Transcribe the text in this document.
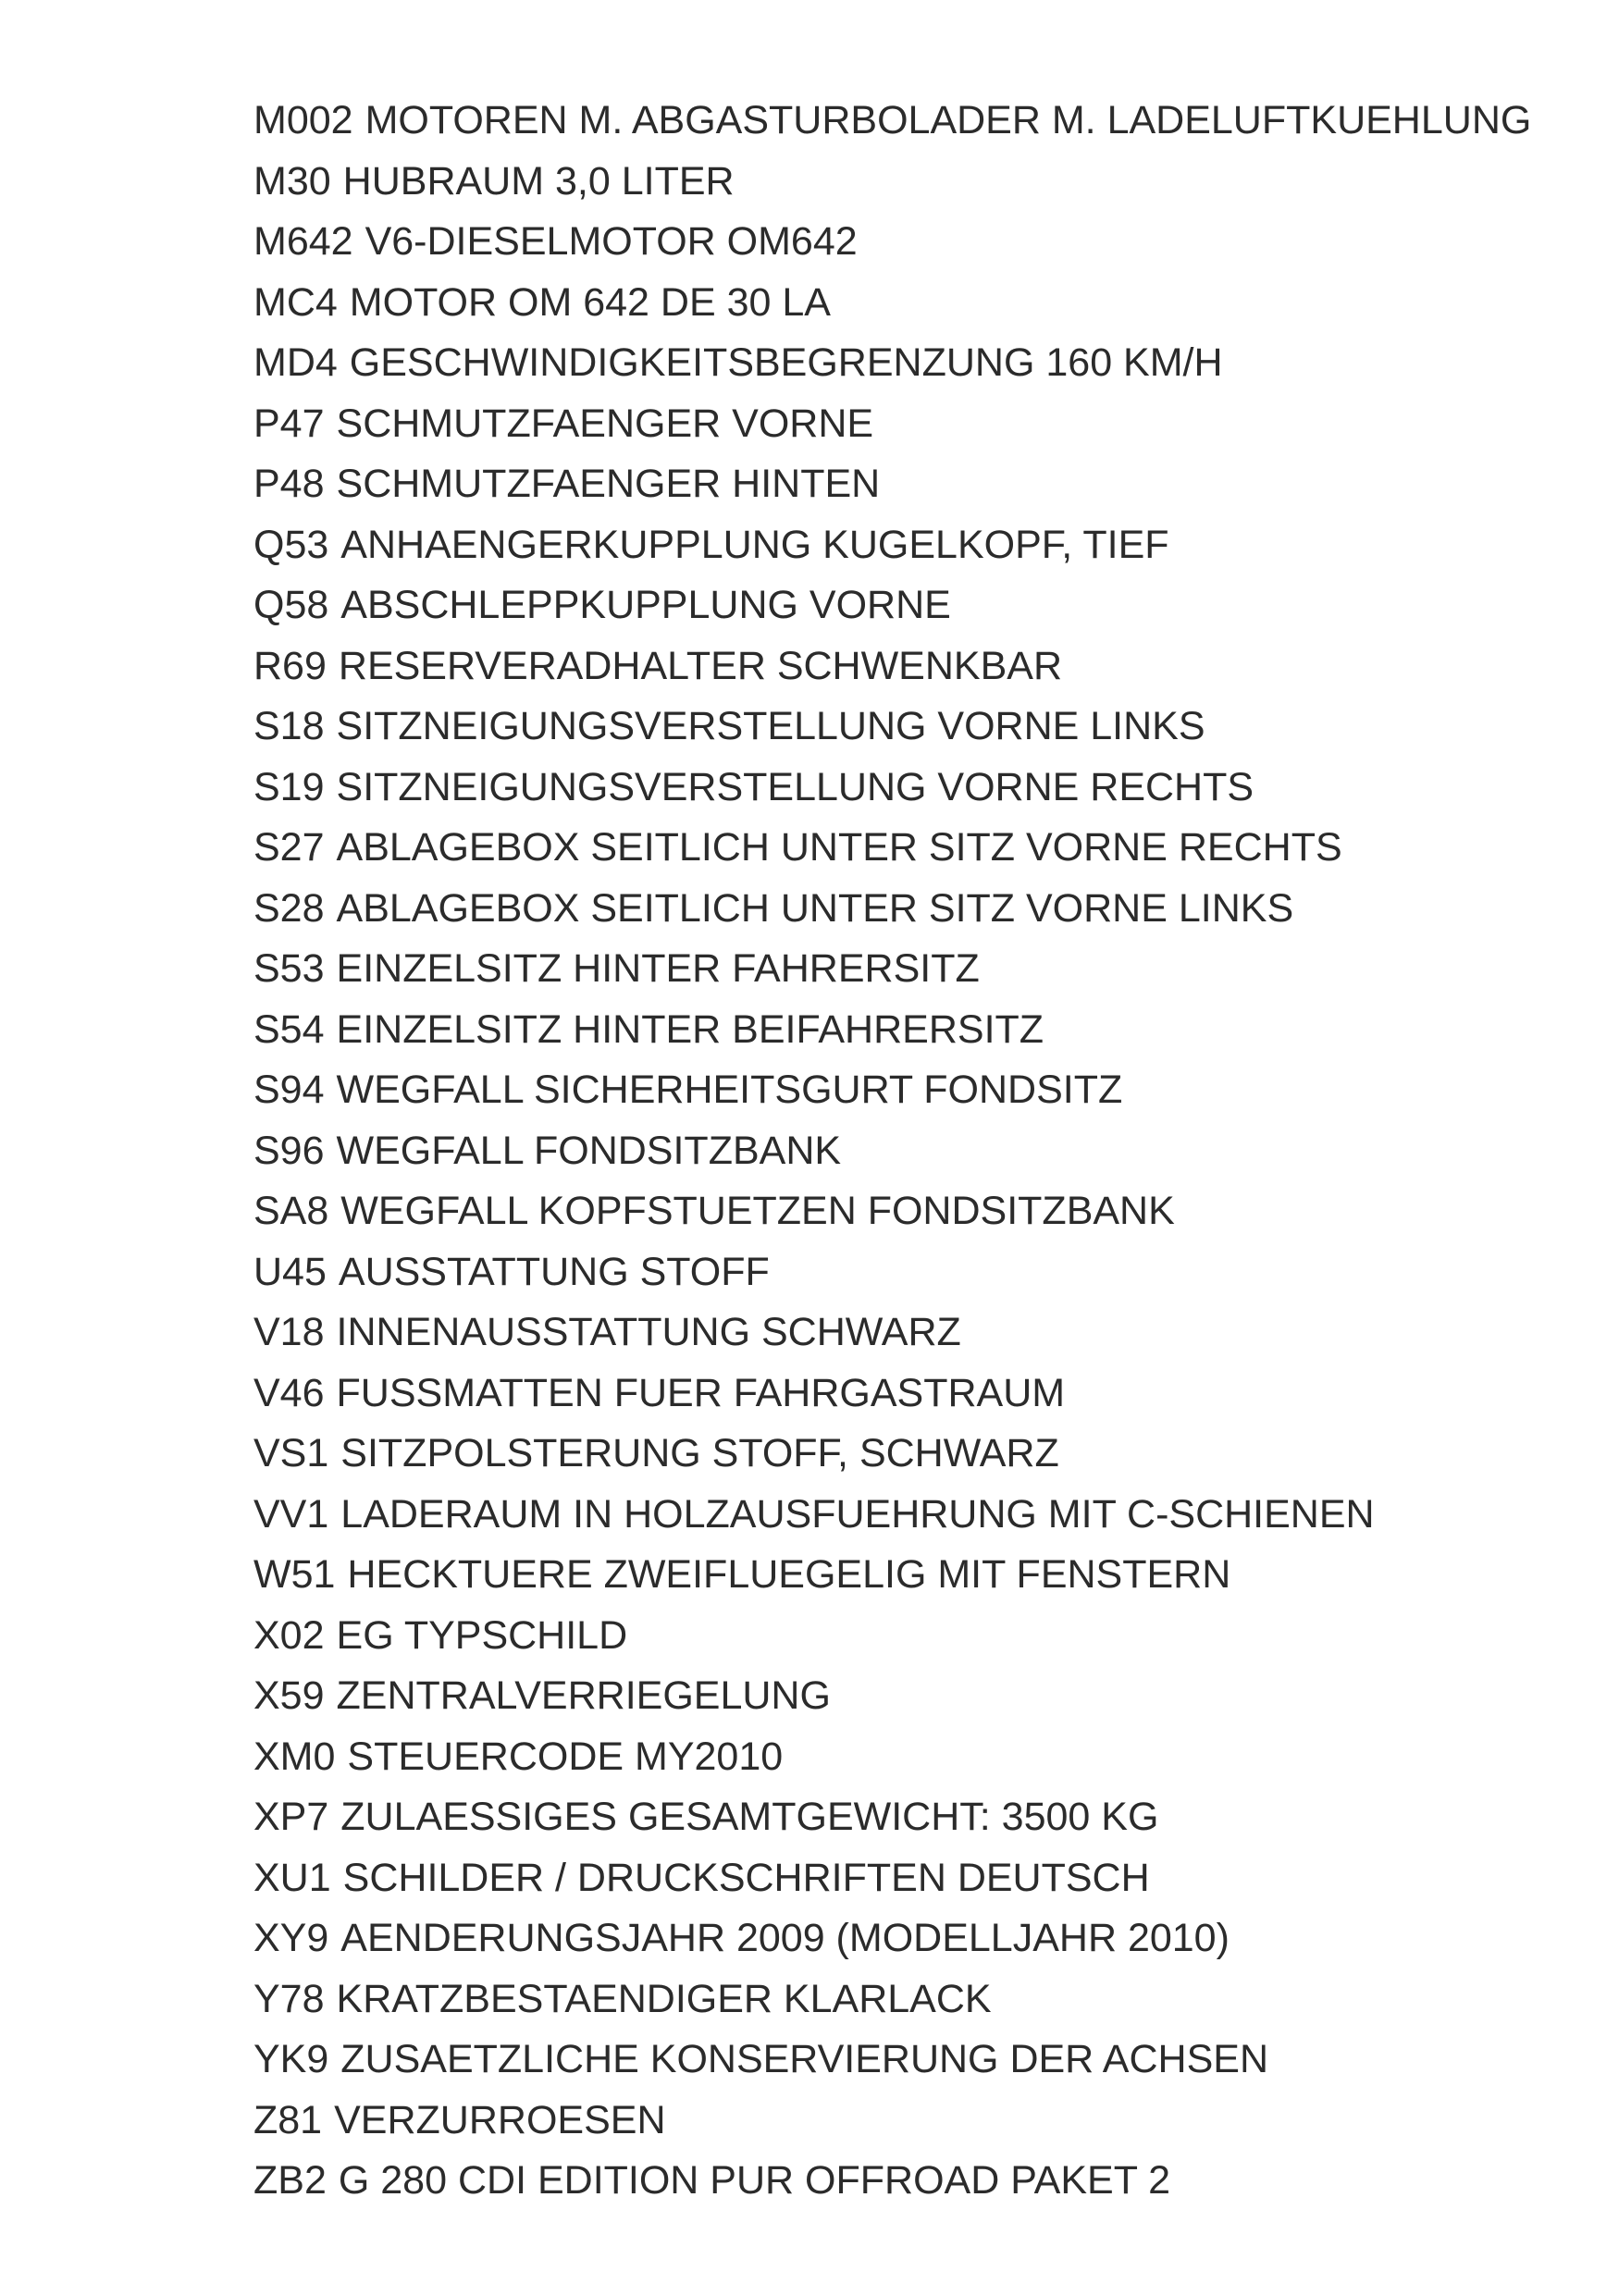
M002 MOTOREN M. ABGASTURBOLADER M. LADELUFTKUEHLUNG
M30 HUBRAUM 3,0 LITER
M642 V6-DIESELMOTOR OM642
MC4 MOTOR OM 642 DE 30 LA
MD4 GESCHWINDIGKEITSBEGRENZUNG 160 KM/H
P47 SCHMUTZFAENGER VORNE
P48 SCHMUTZFAENGER HINTEN
Q53 ANHAENGERKUPPLUNG KUGELKOPF, TIEF
Q58 ABSCHLEPPKUPPLUNG VORNE
R69 RESERVERADHALTER SCHWENKBAR
S18 SITZNEIGUNGSVERSTELLUNG VORNE LINKS
S19 SITZNEIGUNGSVERSTELLUNG VORNE RECHTS
S27 ABLAGEBOX SEITLICH UNTER SITZ VORNE RECHTS
S28 ABLAGEBOX SEITLICH UNTER SITZ VORNE LINKS
S53 EINZELSITZ HINTER FAHRERSITZ
S54 EINZELSITZ HINTER BEIFAHRERSITZ
S94 WEGFALL SICHERHEITSGURT FONDSITZ
S96 WEGFALL FONDSITZBANK
SA8 WEGFALL KOPFSTUETZEN FONDSITZBANK
U45 AUSSTATTUNG STOFF
V18 INNENAUSSTATTUNG SCHWARZ
V46 FUSSMATTEN FUER FAHRGASTRAUM
VS1 SITZPOLSTERUNG STOFF, SCHWARZ
VV1 LADERAUM IN HOLZAUSFUEHRUNG MIT C-SCHIENEN
W51 HECKTUERE ZWEIFLUEGELIG MIT FENSTERN
X02 EG TYPSCHILD
X59 ZENTRALVERRIEGELUNG
XM0 STEUERCODE MY2010
XP7 ZULAESSIGES GESAMTGEWICHT: 3500 KG
XU1 SCHILDER / DRUCKSCHRIFTEN DEUTSCH
XY9 AENDERUNGSJAHR 2009 (MODELLJAHR 2010)
Y78 KRATZBESTAENDIGER KLARLACK
YK9 ZUSAETZLICHE KONSERVIERUNG DER ACHSEN
Z81 VERZURROESEN
ZB2 G 280 CDI EDITION PUR OFFROAD PAKET 2
